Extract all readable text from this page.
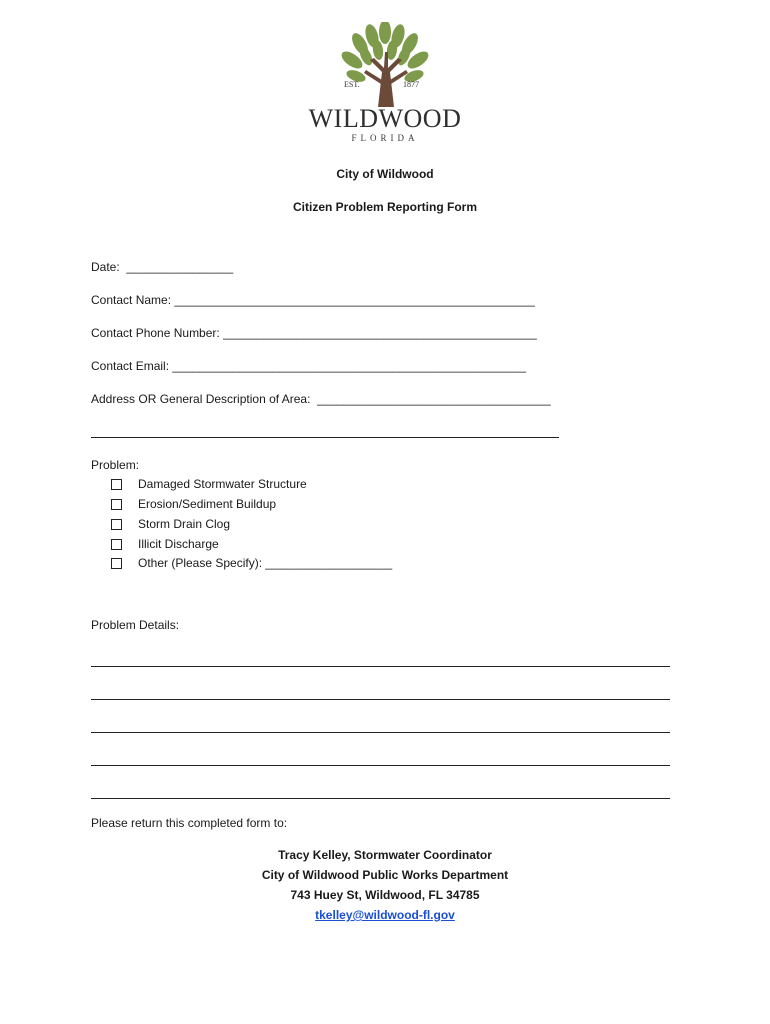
EST.	1877
WILDWOOD
FLORIDA
City of Wildwood
Citizen Problem Reporting Form
Date:  ________________
Contact Name: ______________________________________________________
Contact Phone Number: _______________________________________________
Contact Email: _____________________________________________________
Address OR General Description of Area:  ___________________________________
Problem:
Damaged Stormwater Structure
Erosion/Sediment Buildup
Storm Drain Clog
Illicit Discharge
Other (Please Specify): ___________________
Problem Details:
Please return this completed form to:
Tracy Kelley, Stormwater Coordinator
City of Wildwood Public Works Department
743 Huey St, Wildwood, FL 34785
tkelley@wildwood-fl.gov
